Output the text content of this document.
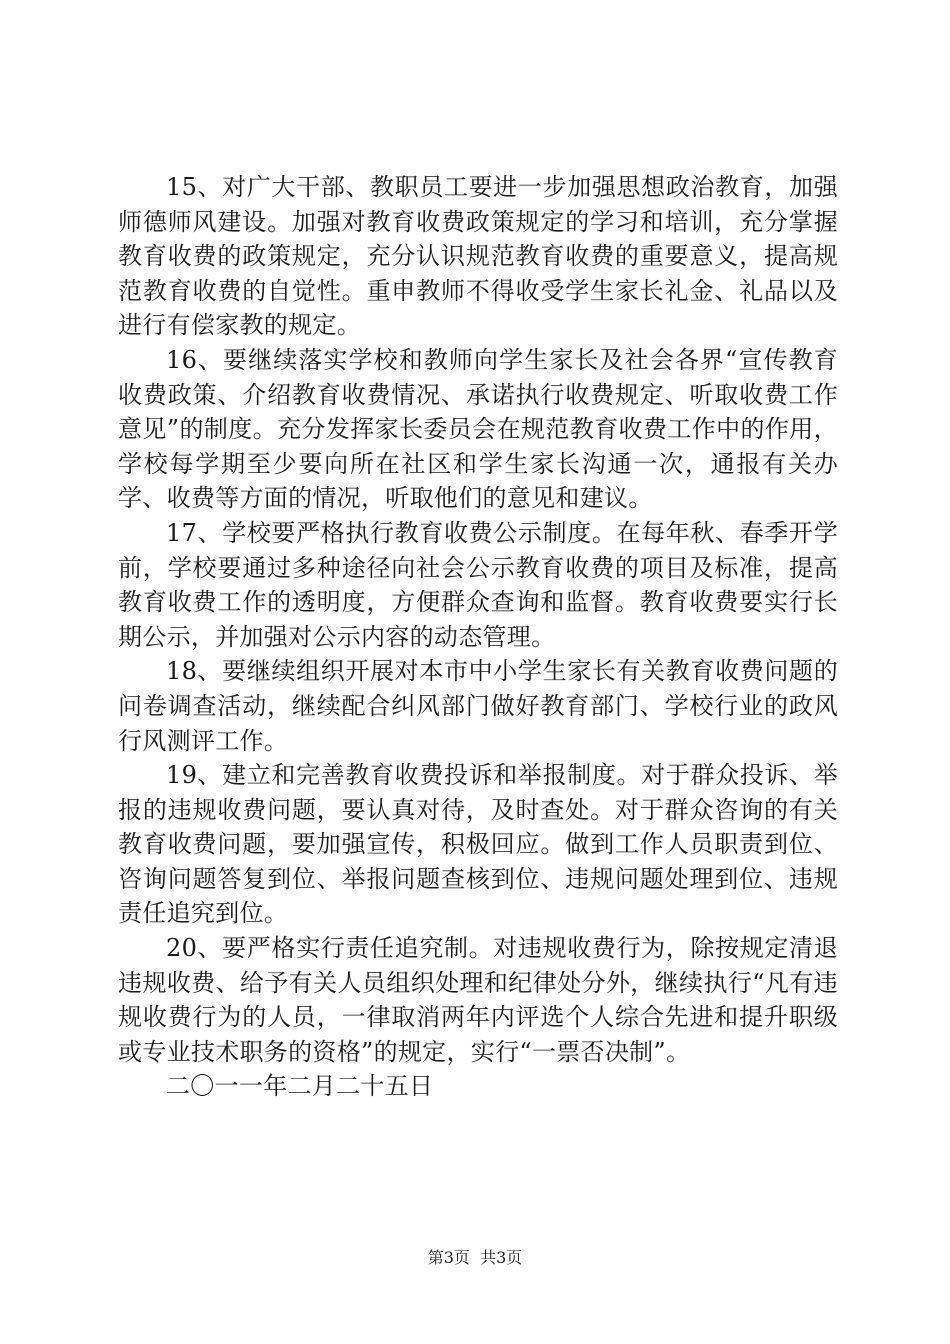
15、对广大干部、教职员工要进一步加强思想政治教育，加强师德师风建设。加强对教育收费政策规定的学习和培训，充分掌握教育收费的政策规定，充分认识规范教育收费的重要意义，提高规范教育收费的自觉性。重申教师不得收受学生家长礼金、礼品以及进行有偿家教的规定。

16、要继续落实学校和教师向学生家长及社会各界“宣传教育收费政策、介绍教育收费情况、承诺执行收费规定、听取收费工作意见”的制度。充分发挥家长委员会在规范教育收费工作中的作用，学校每学期至少要向所在社区和学生家长沟通一次，通报有关办学、收费等方面的情况，听取他们的意见和建议。

17、学校要严格执行教育收费公示制度。在每年秋、春季开学前，学校要通过多种途径向社会公示教育收费的项目及标准，提高教育收费工作的透明度，方便群众查询和监督。教育收费要实行长期公示，并加强对公示内容的动态管理。

18、要继续组织开展对本市中小学生家长有关教育收费问题的问卷调查活动，继续配合纠风部门做好教育部门、学校行业的政风行风测评工作。

19、建立和完善教育收费投诉和举报制度。对于群众投诉、举报的违规收费问题，要认真对待，及时查处。对于群众咨询的有关教育收费问题，要加强宣传，积极回应。做到工作人员职责到位、咨询问题答复到位、举报问题查核到位、违规问题处理到位、违规责任追究到位。

20、要严格实行责任追究制。对违规收费行为，除按规定清退违规收费、给予有关人员组织处理和纪律处分外，继续执行“凡有违规收费行为的人员，一律取消两年内评选个人综合先进和提升职级或专业技术职务的资格”的规定，实行“一票否决制”。

二〇一一年二月二十五日

第3页  共3页
